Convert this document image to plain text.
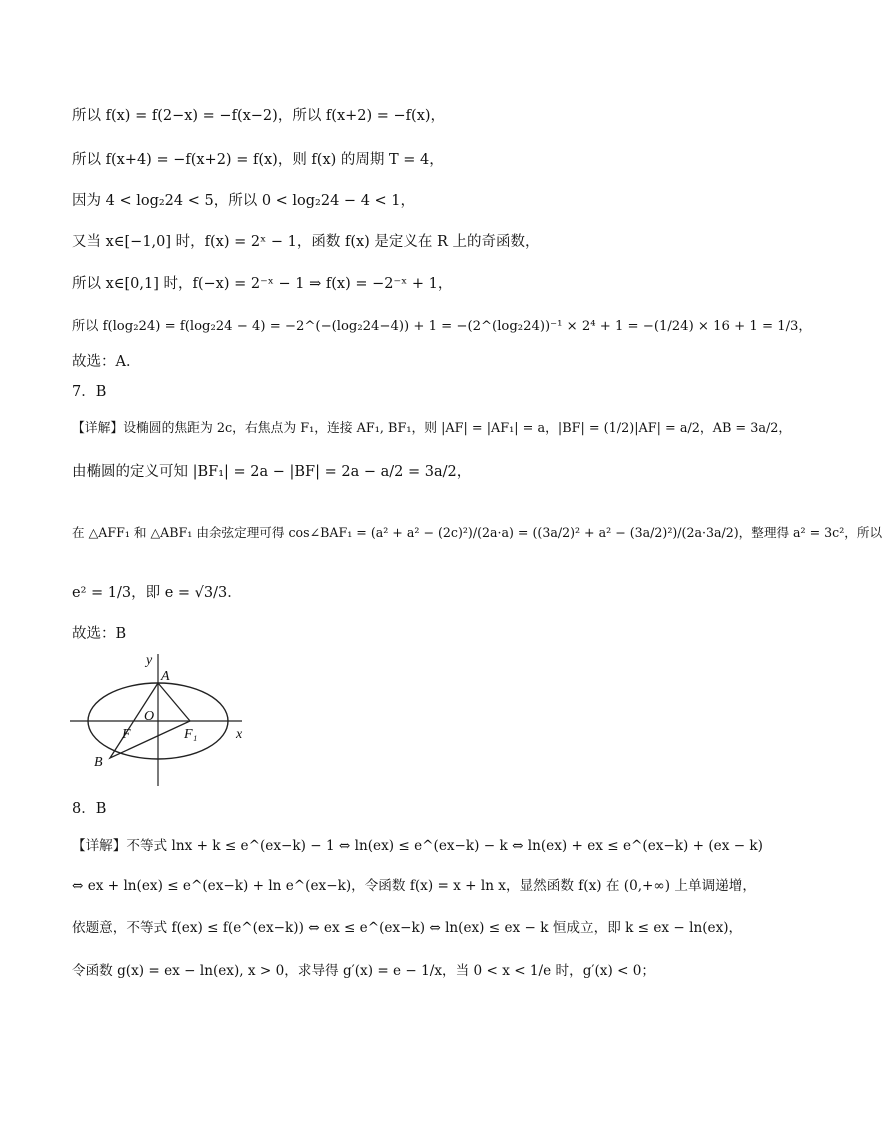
所以 f(x) = f(2−x) = −f(x−2)，所以 f(x+2) = −f(x)，
所以 f(x+4) = −f(x+2) = f(x)，则 f(x) 的周期 T = 4，
因为 4 < log₂24 < 5，所以 0 < log₂24 − 4 < 1，
又当 x∈[−1,0] 时，f(x) = 2ˣ − 1，函数 f(x) 是定义在 R 上的奇函数，
所以 x∈[0,1] 时，f(−x) = 2⁻ˣ − 1 ⇒ f(x) = −2⁻ˣ + 1，
所以 f(log₂24) = f(log₂24 − 4) = −2^(−(log₂24−4)) + 1 = −(2^(log₂24))⁻¹ × 2⁴ + 1 = −(1/24) × 16 + 1 = 1/3，
故选：A．
7．B
【详解】设椭圆的焦距为 2c，右焦点为 F₁，连接 AF₁, BF₁，则 |AF| = |AF₁| = a，|BF| = (1/2)|AF| = a/2，AB = 3a/2，
由椭圆的定义可知 |BF₁| = 2a − |BF| = 2a − a/2 = 3a/2，
在 △AFF₁ 和 △ABF₁ 由余弦定理可得 cos∠BAF₁ = (a² + a² − (2c)²)/(2a·a) = ((3a/2)² + a² − (3a/2)²)/(2a·3a/2)，整理得 a² = 3c²，所以
e² = 1/3，即 e = √3/3．
故选：B
y
x
A
O
F	F₁
B
8．B
【详解】不等式 lnx + k ≤ e^(ex−k) − 1 ⇔ ln(ex) ≤ e^(ex−k) − k ⇔ ln(ex) + ex ≤ e^(ex−k) + (ex − k)
⇔ ex + ln(ex) ≤ e^(ex−k) + ln e^(ex−k)，令函数 f(x) = x + ln x，显然函数 f(x) 在 (0,+∞) 上单调递增，
依题意，不等式 f(ex) ≤ f(e^(ex−k)) ⇔ ex ≤ e^(ex−k) ⇔ ln(ex) ≤ ex − k 恒成立，即 k ≤ ex − ln(ex)，
令函数 g(x) = ex − ln(ex), x > 0，求导得 g′(x) = e − 1/x，当 0 < x < 1/e 时，g′(x) < 0；
